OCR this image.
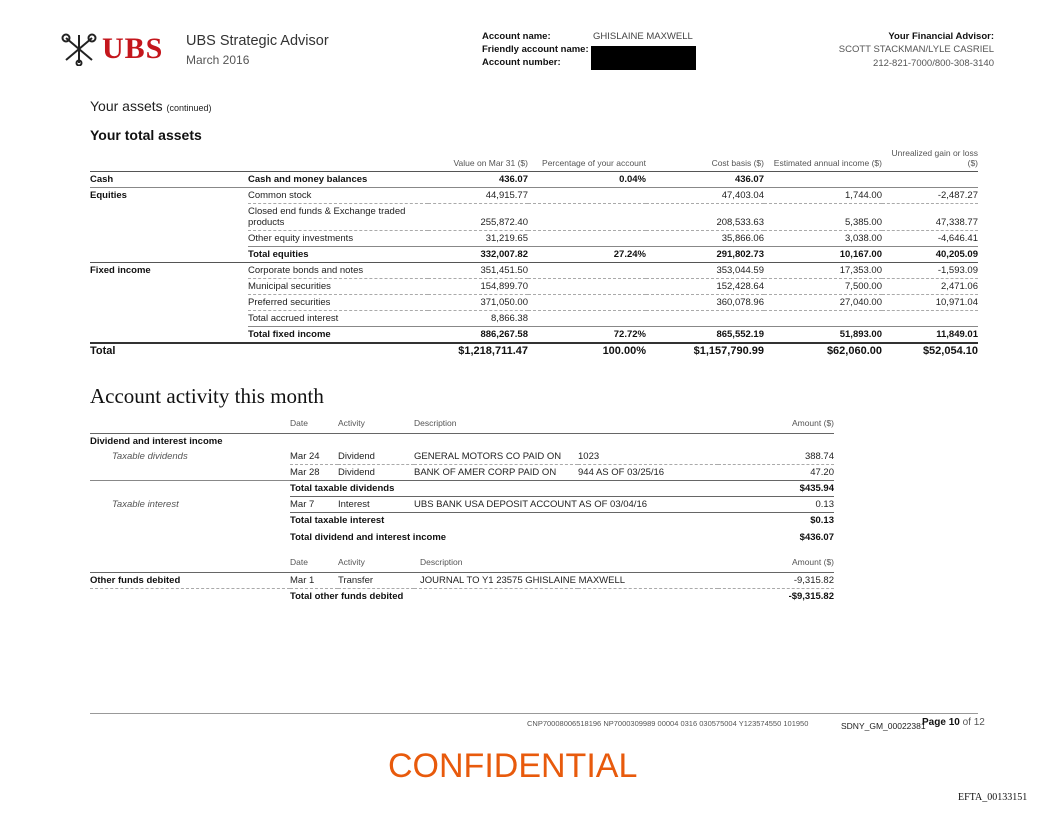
UBS UBS Strategic Advisor
March 2016
Account name:	GHISLAINE MAXWELL
Friendly account name:
Account number:
Your Financial Advisor:
SCOTT STACKMAN/LYLE CASRIEL
212-821-7000/800-308-3140
Your assets (continued)
Your total assets
		Value on Mar 31 ($)	Percentage of your account	Cost basis ($)	Estimated annual income ($)	Unrealized gain or loss ($)
Cash	Cash and money balances	436.07	0.04%	436.07		
Equities	Common stock	44,915.77		47,403.04	1,744.00	-2,487.27
	Closed end funds & Exchange traded products	255,872.40		208,533.63	5,385.00	47,338.77
	Other equity investments	31,219.65		35,866.06	3,038.00	-4,646.41
	Total equities	332,007.82	27.24%	291,802.73	10,167.00	40,205.09
Fixed income	Corporate bonds and notes	351,451.50		353,044.59	17,353.00	-1,593.09
	Municipal securities	154,899.70		152,428.64	7,500.00	2,471.06
	Preferred securities	371,050.00		360,078.96	27,040.00	10,971.04
	Total accrued interest	8,866.38				
	Total fixed income	886,267.58	72.72%	865,552.19	51,893.00	11,849.01
Total		$1,218,711.47	100.00%	$1,157,790.99	$62,060.00	$52,054.10
Account activity this month
	Date	Activity	Description		Amount ($)
Dividend and interest income					
Taxable dividends	Mar 24	Dividend	GENERAL MOTORS CO PAID ON	1023	388.74
	Mar 28	Dividend	BANK OF AMER CORP PAID ON	944 AS OF 03/25/16	47.20
	Total taxable dividends				$435.94
Taxable interest	Mar 7	Interest	UBS BANK USA DEPOSIT ACCOUNT AS OF 03/04/16		0.13
	Total taxable interest				$0.13
	Total dividend and interest income				$436.07
	Date	Activity	Description		Amount ($)
Other funds debited	Mar 1	Transfer	JOURNAL TO Y1 23575 GHISLAINE MAXWELL		-9,315.82
	Total other funds debited				-$9,315.82
CNP70008006518196 NP7000309989 00004 0316 030575004 Y123574550 101950	SDNY_GM_00022381
Page 10 of 12
CONFIDENTIAL
EFTA_00133151
